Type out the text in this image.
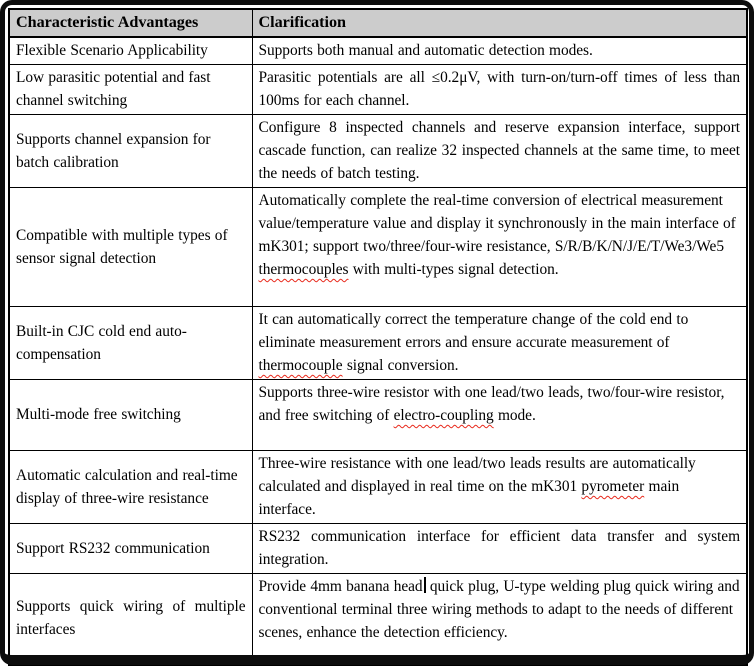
Characteristic Advantages	Clarification
Flexible Scenario Applicability	Supports both manual and automatic detection modes.
Low parasitic potential and fast channel switching	Parasitic potentials are all ≤0.2μV, with turn-on/turn-off times of less than 100ms for each channel.
Supports channel expansion for batch calibration	Configure 8 inspected channels and reserve expansion interface, support cascade function, can realize 32 inspected channels at the same time, to meet the needs of batch testing.
Compatible with multiple types of sensor signal detection	Automatically complete the real-time conversion of electrical measurement value/temperature value and display it synchronously in the main interface of mK301; support two/three/four-wire resistance, S/R/B/K/N/J/E/T/We3/We5 thermocouples with multi-types signal detection.
Built-in CJC cold end auto-compensation	It can automatically correct the temperature change of the cold end to eliminate measurement errors and ensure accurate measurement of thermocouple signal conversion.
Multi-mode free switching	Supports three-wire resistor with one lead/two leads, two/four-wire resistor, and free switching of electro-coupling mode.
Automatic calculation and real-time display of three-wire resistance	Three-wire resistance with one lead/two leads results are automatically calculated and displayed in real time on the mK301 pyrometer main interface.
Support RS232 communication	RS232 communication interface for efficient data transfer and system integration.
Supports quick wiring of multiple interfaces	Provide 4mm banana head quick plug, U-type welding plug quick wiring and conventional terminal three wiring methods to adapt to the needs of different scenes, enhance the detection efficiency.
